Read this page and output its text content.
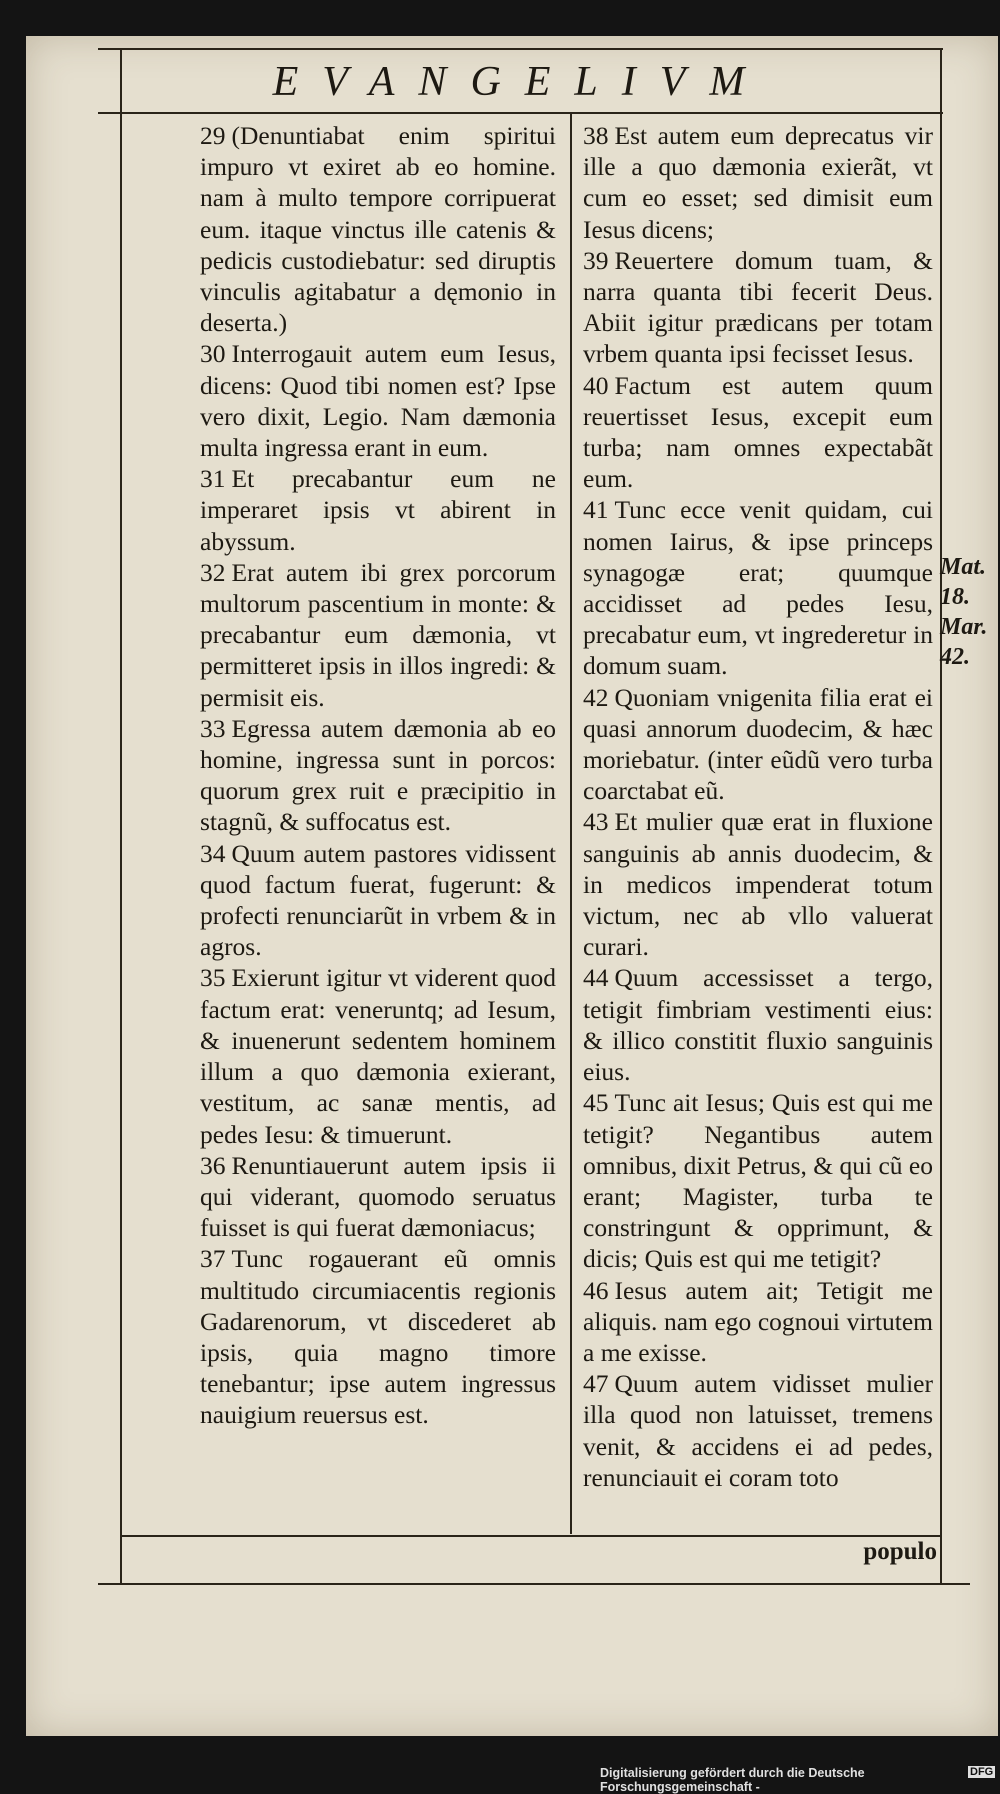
EVANGELIVM
29 (Denuntiabat enim spiritui impuro vt exiret ab eo homine. nam à multo tempore corripuerat eum. itaque vinctus ille catenis & pedicis custodiebatur: sed diruptis vinculis agitabatur a dęmonio in deserta.)
30 Interrogauit autem eum Iesus, dicens: Quod tibi nomen est? Ipse vero dixit, Legio. Nam dæmonia multa ingressa erant in eum.
31 Et precabantur eum ne imperaret ipsis vt abirent in abyssum.
32 Erat autem ibi grex porcorum multorum pascentium in monte: & precabantur eum dæmonia, vt permitteret ipsis in illos ingredi: & permisit eis.
33 Egressa autem dæmonia ab eo homine, ingressa sunt in porcos: quorum grex ruit e præcipitio in stagnũ, & suffocatus est.
34 Quum autem pastores vidissent quod factum fuerat, fugerunt: & profecti renunciarũt in vrbem & in agros.
35 Exierunt igitur vt viderent quod factum erat: veneruntq; ad Iesum, & inuenerunt sedentem hominem illum a quo dæmonia exierant, vestitum, ac sanæ mentis, ad pedes Iesu: & timuerunt.
36 Renuntiauerunt autem ipsis ii qui viderant, quomodo seruatus fuisset is qui fuerat dæmoniacus;
37 Tunc rogauerant eũ omnis multitudo circumiacentis regionis Gadarenorum, vt discederet ab ipsis, quia magno timore tenebantur; ipse autem ingressus nauigium reuersus est.
38 Est autem eum deprecatus vir ille a quo dæmonia exierãt, vt cum eo esset; sed dimisit eum Iesus dicens;
39 Reuertere domum tuam, & narra quanta tibi fecerit Deus. Abiit igitur prædicans per totam vrbem quanta ipsi fecisset Iesus.
40 Factum est autem quum reuertisset Iesus, excepit eum turba; nam omnes expectabãt eum.
41 Tunc ecce venit quidam, cui nomen Iairus, & ipse princeps synagogæ erat; quumque accidisset ad pedes Iesu, precabatur eum, vt ingrederetur in domum suam.
42 Quoniam vnigenita filia erat ei quasi annorum duodecim, & hæc moriebatur. (inter eũdũ vero turba coarctabat eũ.
43 Et mulier quæ erat in fluxione sanguinis ab annis duodecim, & in medicos impenderat totum victum, nec ab vllo valuerat curari.
44 Quum accessisset a tergo, tetigit fimbriam vestimenti eius: & illico constitit fluxio sanguinis eius.
45 Tunc ait Iesus; Quis est qui me tetigit? Negantibus autem omnibus, dixit Petrus, & qui cũ eo erant; Magister, turba te constringunt & opprimunt, & dicis; Quis est qui me tetigit?
46 Iesus autem ait; Tetigit me aliquis. nam ego cognoui virtutem a me exisse.
47 Quum autem vidisset mulier illa quod non latuisset, tremens venit, & accidens ei ad pedes, renunciauit ei coram toto
Mat.
18.
Mar.
42.
populo
Digitalisierung gefördert durch die Deutsche Forschungsgemeinschaft -
DFG
